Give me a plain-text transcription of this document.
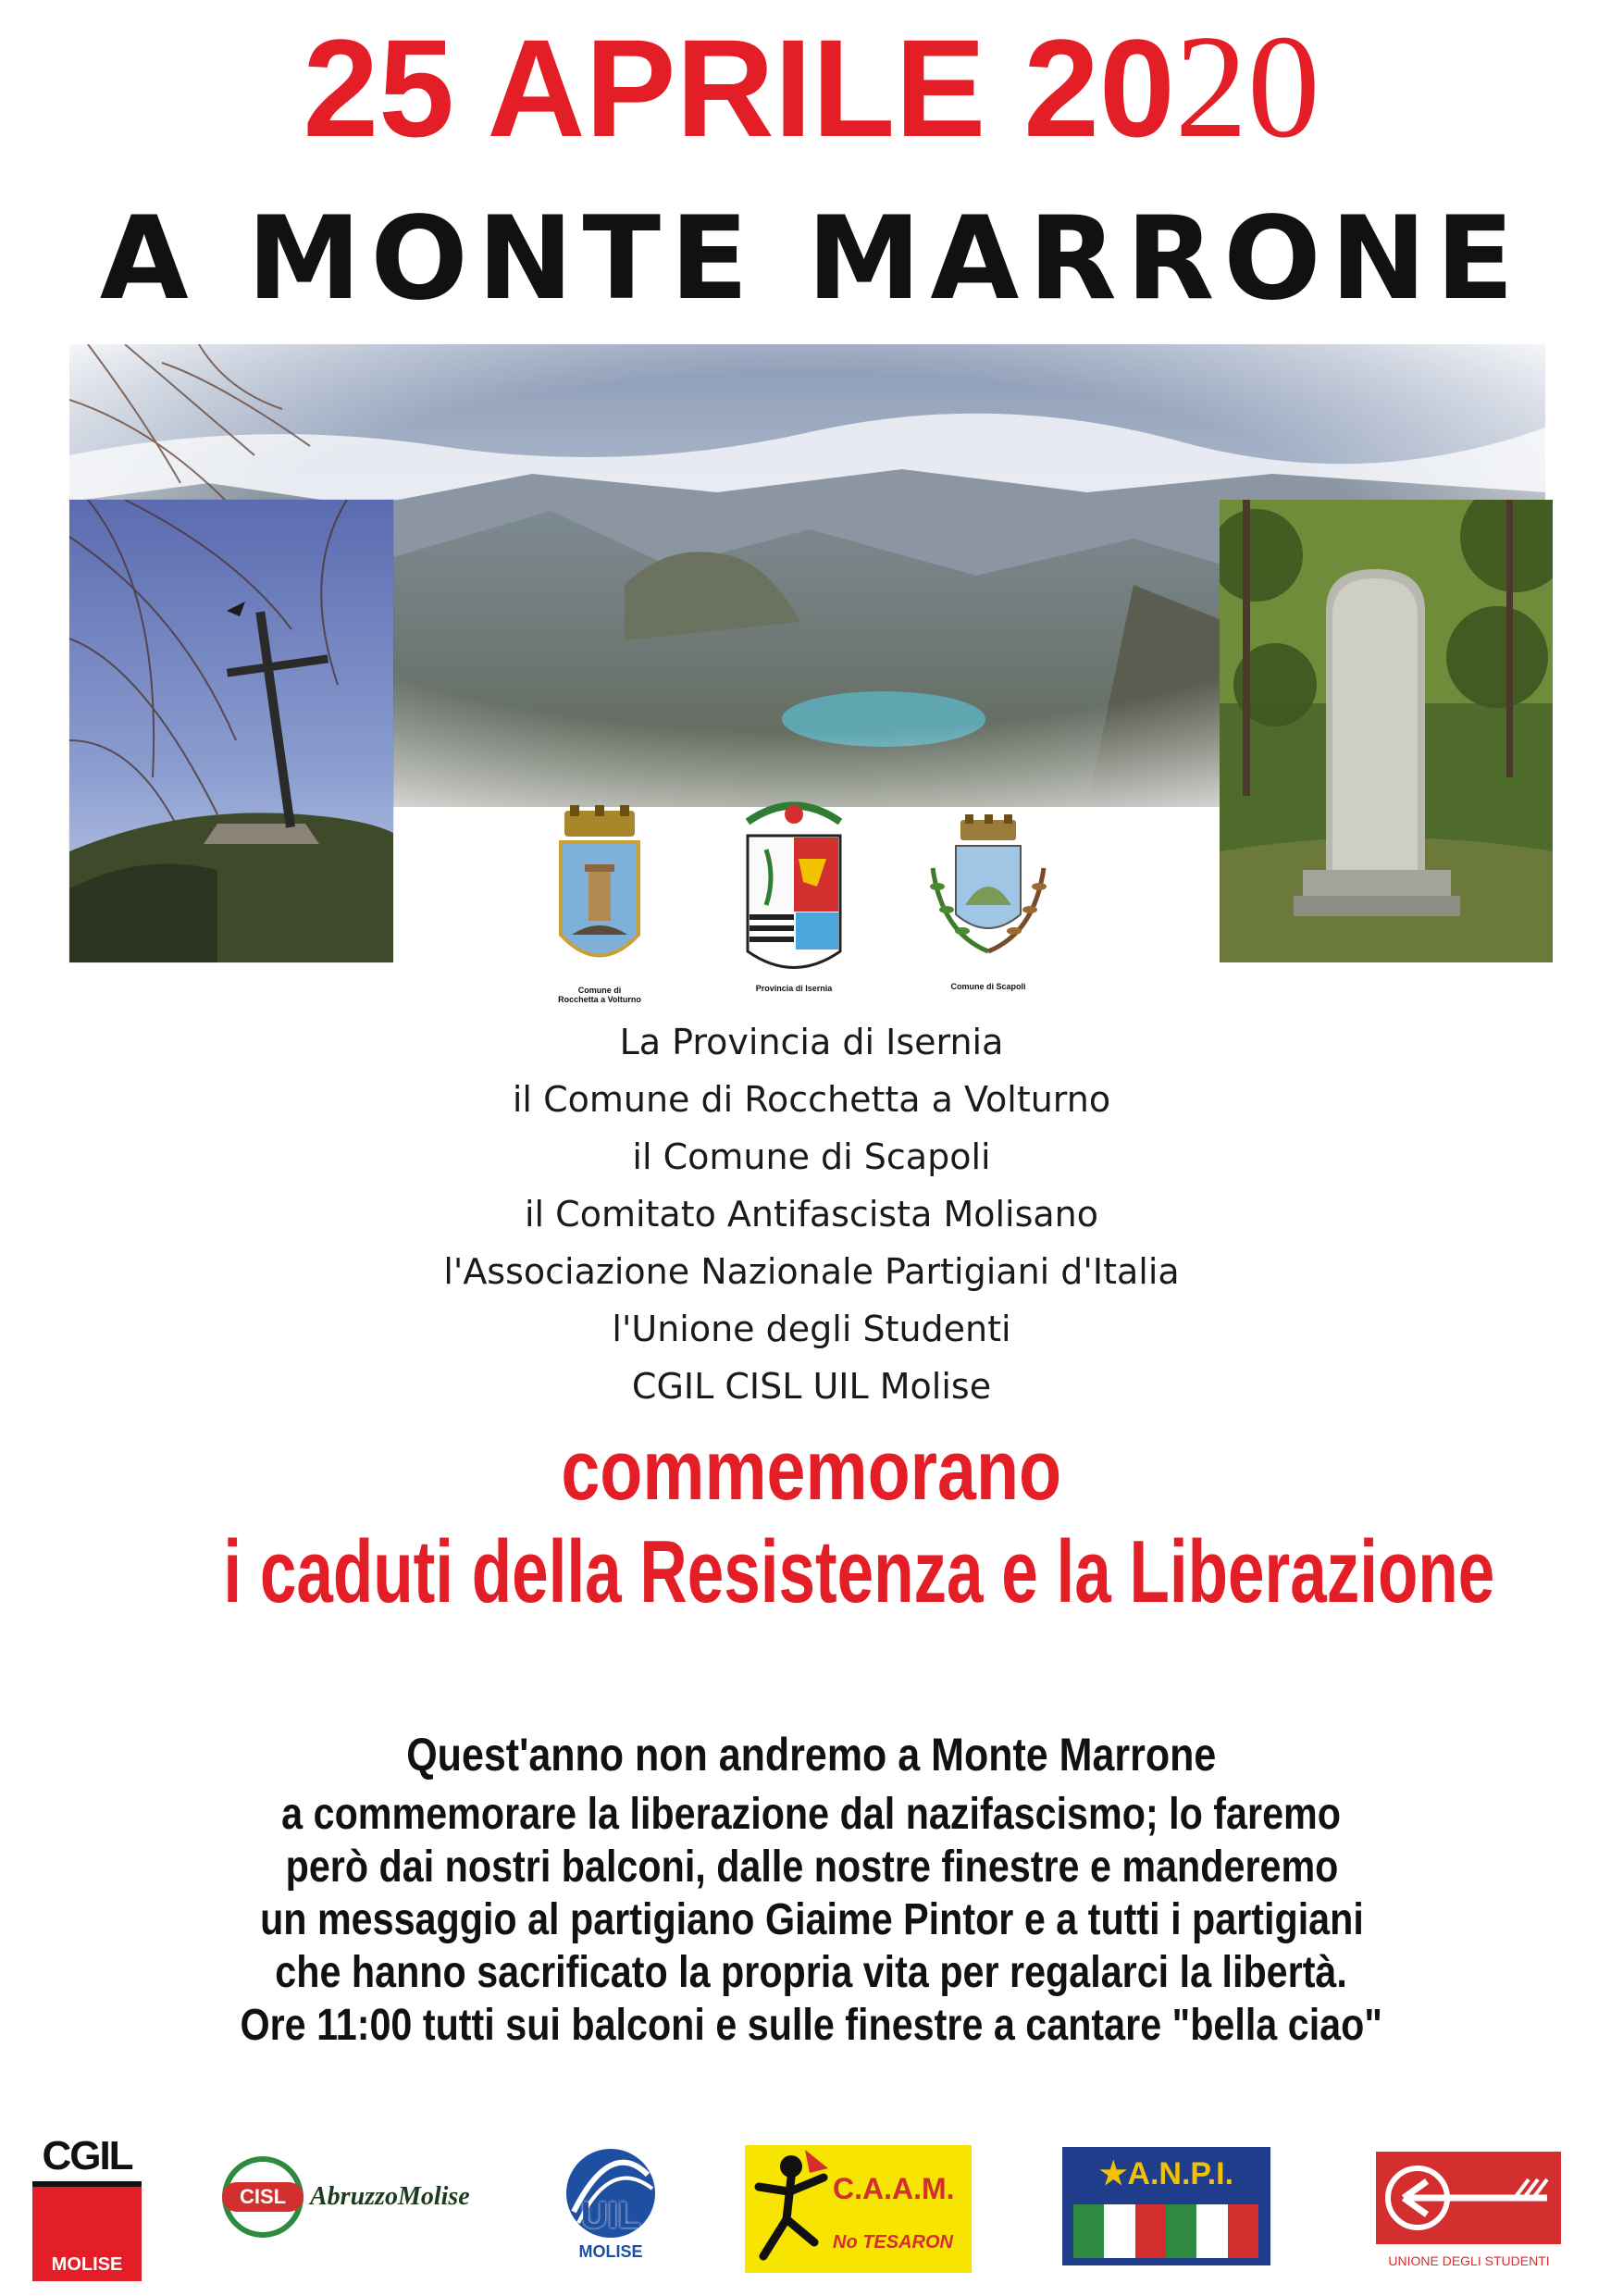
25 APRILE 2020
A MONTE MARRONE
Comune di
Rocchetta a Volturno
Provincia di Isernia	Comune di Scapoli
La Provincia di Isernia
il Comune di Rocchetta a Volturno
il Comune di Scapoli
il Comitato Antifascista Molisano
l'Associazione Nazionale Partigiani d'Italia
l'Unione degli Studenti
CGIL CISL UIL Molise
commemorano
i caduti della Resistenza e la Liberazione
Quest'anno non andremo a Monte Marrone
a commemorare la liberazione dal nazifascismo; lo faremo
però dai nostri balconi, dalle nostre finestre e manderemo
un messaggio al partigiano Giaime Pintor e a tutti i partigiani
che hanno sacrificato la propria vita per regalarci la libertà.
Ore 11:00 tutti sui balconi e sulle finestre a cantare "bella ciao"
CGIL
MOLISE
CISL AbruzzoMolise	UIL
MOLISE
C.A.A.M.
No TESARON
★A.N.P.I.
UNIONE DEGLI STUDENTI
